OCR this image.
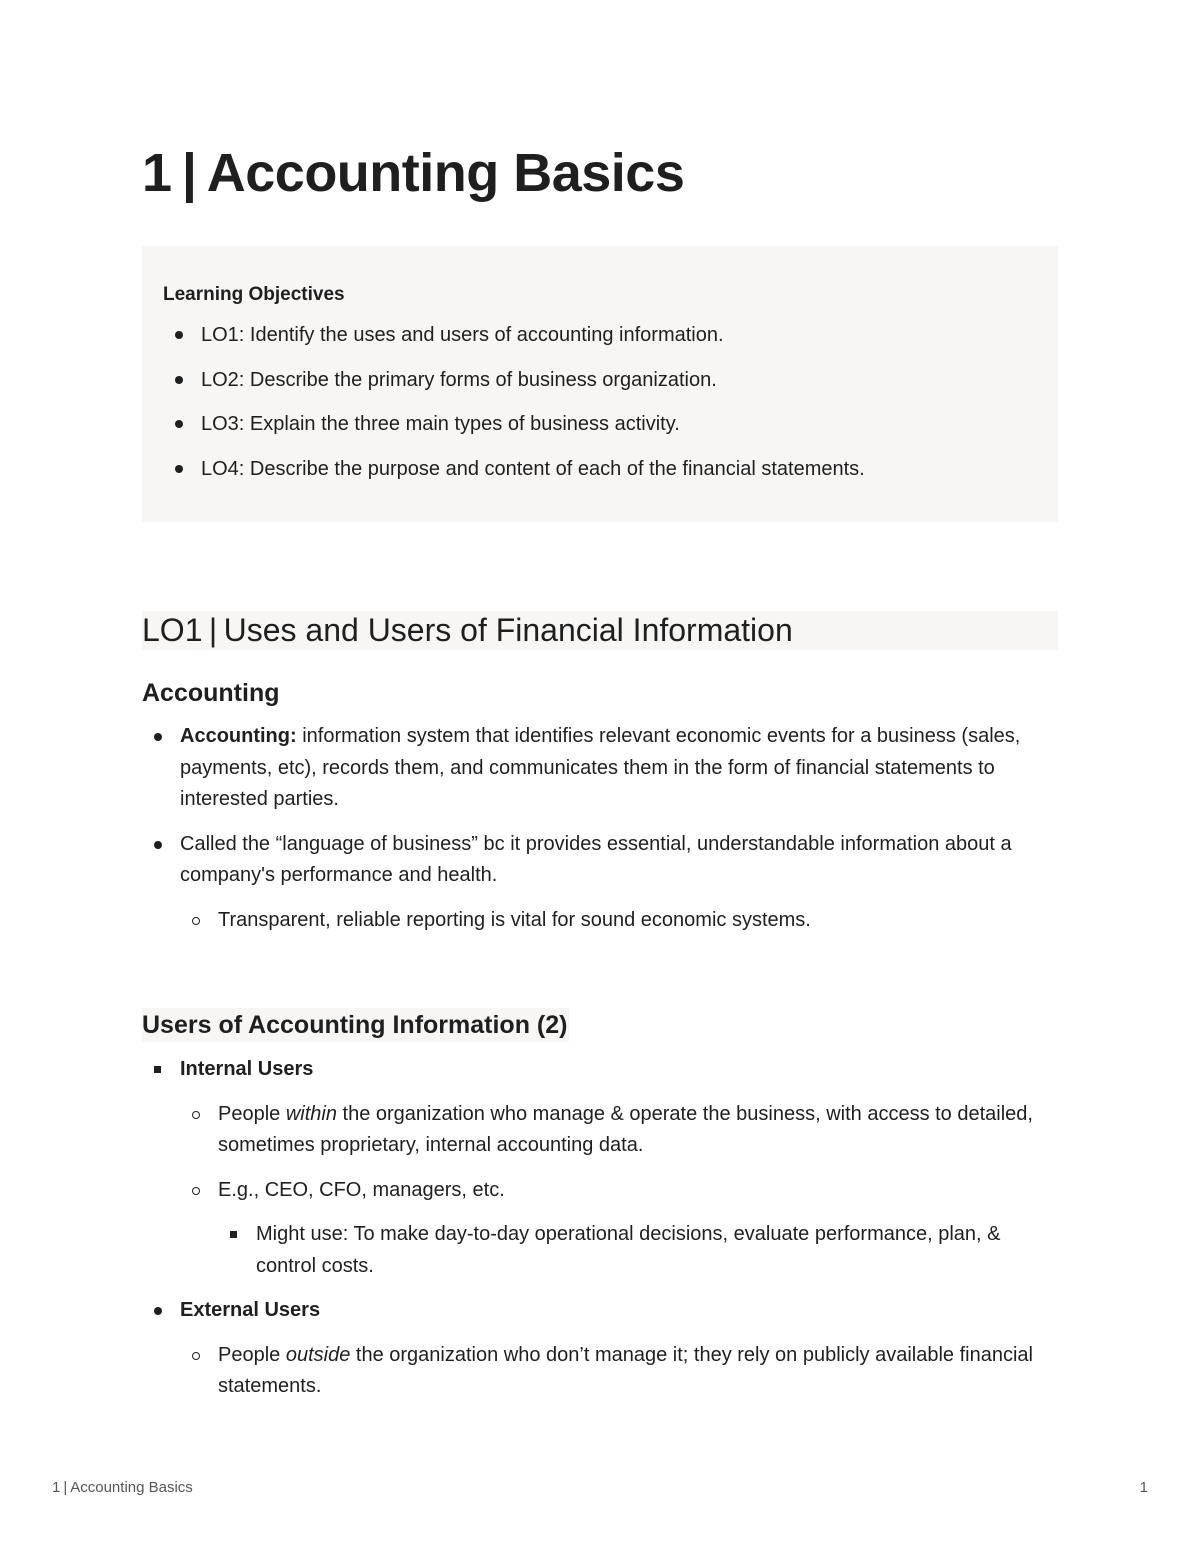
1 | Accounting Basics
Learning Objectives
LO1: Identify the uses and users of accounting information.
LO2: Describe the primary forms of business organization.
LO3: Explain the three main types of business activity.
LO4: Describe the purpose and content of each of the financial statements.
LO1 | Uses and Users of Financial Information
Accounting
Accounting: information system that identifies relevant economic events for a business (sales, payments, etc), records them, and communicates them in the form of financial statements to interested parties.
Called the “language of business” bc it provides essential, understandable information about a company's performance and health.
Transparent, reliable reporting is vital for sound economic systems.
Users of Accounting Information (2)
Internal Users
People within the organization who manage & operate the business, with access to detailed, sometimes proprietary, internal accounting data.
E.g., CEO, CFO, managers, etc.
Might use: To make day-to-day operational decisions, evaluate performance, plan, & control costs.
External Users
People outside the organization who don’t manage it; they rely on publicly available financial statements.
1 | Accounting Basics	1
